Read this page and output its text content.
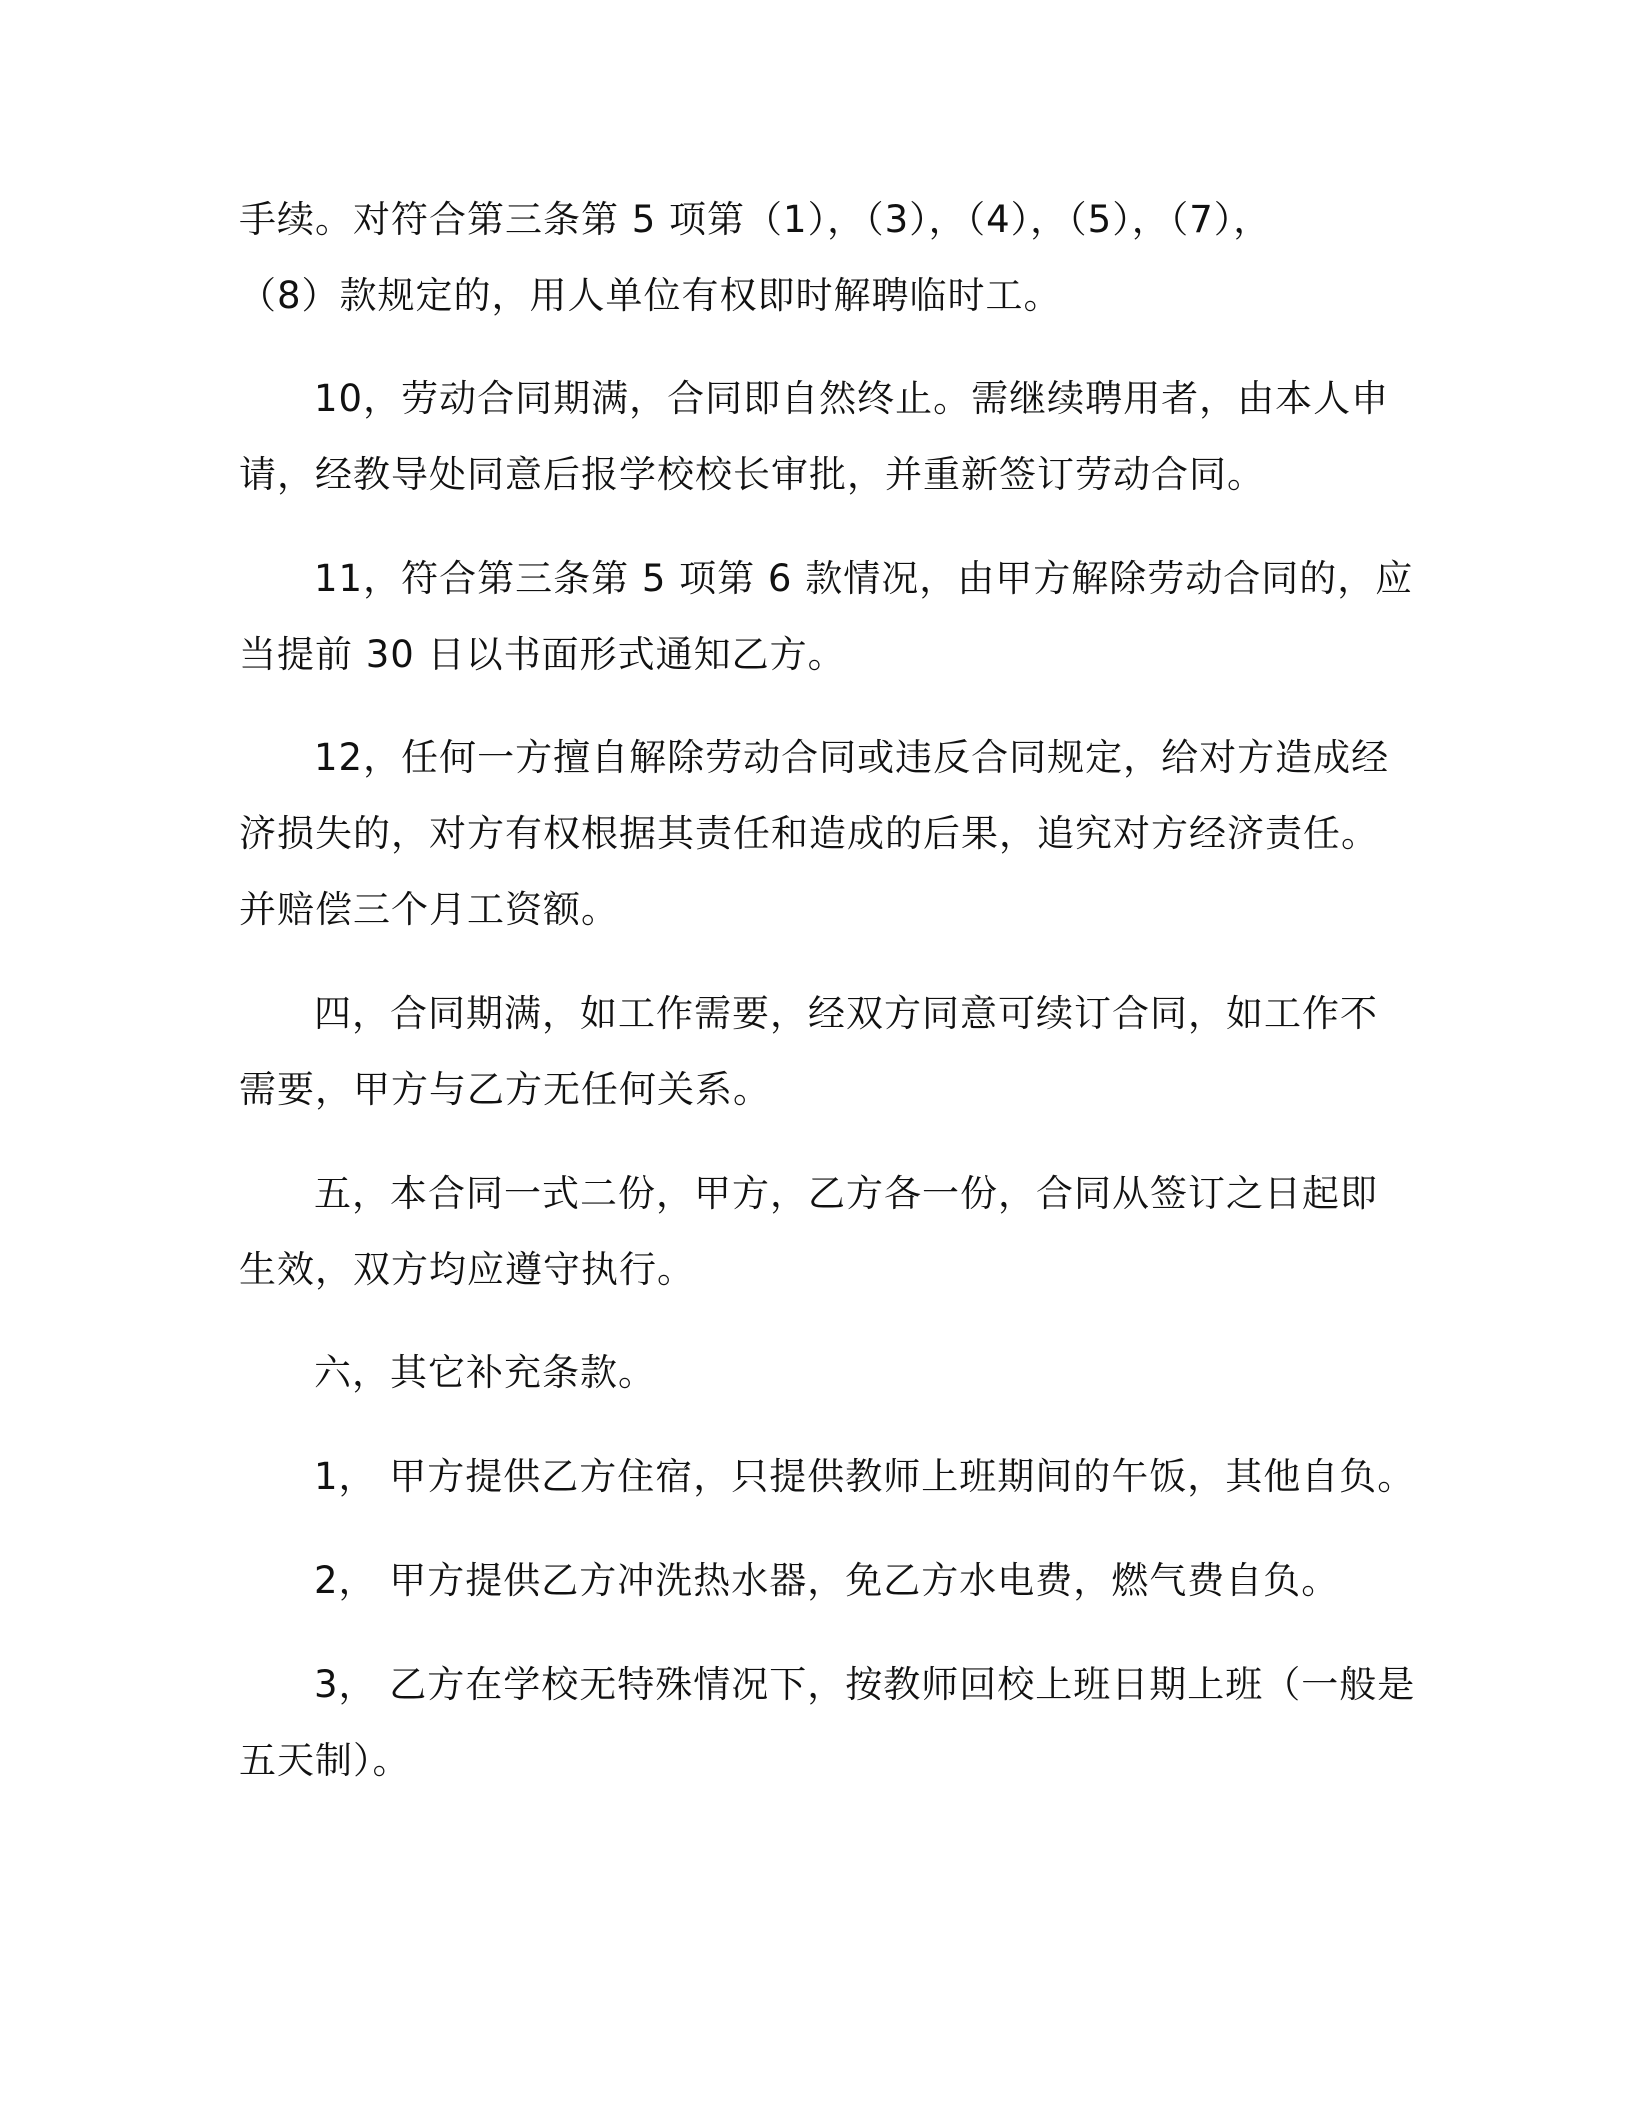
手续。对符合第三条第 5 项第（1），（3），（4），（5），（7），
（8）款规定的，用人单位有权即时解聘临时工。
10，劳动合同期满，合同即自然终止。需继续聘用者，由本人申
请，经教导处同意后报学校校长审批，并重新签订劳动合同。
11，符合第三条第 5 项第 6 款情况，由甲方解除劳动合同的，应
当提前 30 日以书面形式通知乙方。
12，任何一方擅自解除劳动合同或违反合同规定，给对方造成经
济损失的，对方有权根据其责任和造成的后果，追究对方经济责任。
并赔偿三个月工资额。
四，合同期满，如工作需要，经双方同意可续订合同，如工作不
需要，甲方与乙方无任何关系。
五，本合同一式二份，甲方，乙方各一份，合同从签订之日起即
生效，双方均应遵守执行。
六，其它补充条款。
1， 甲方提供乙方住宿，只提供教师上班期间的午饭，其他自负。
2， 甲方提供乙方冲洗热水器，免乙方水电费，燃气费自负。
3， 乙方在学校无特殊情况下，按教师回校上班日期上班（一般是
五天制）。
